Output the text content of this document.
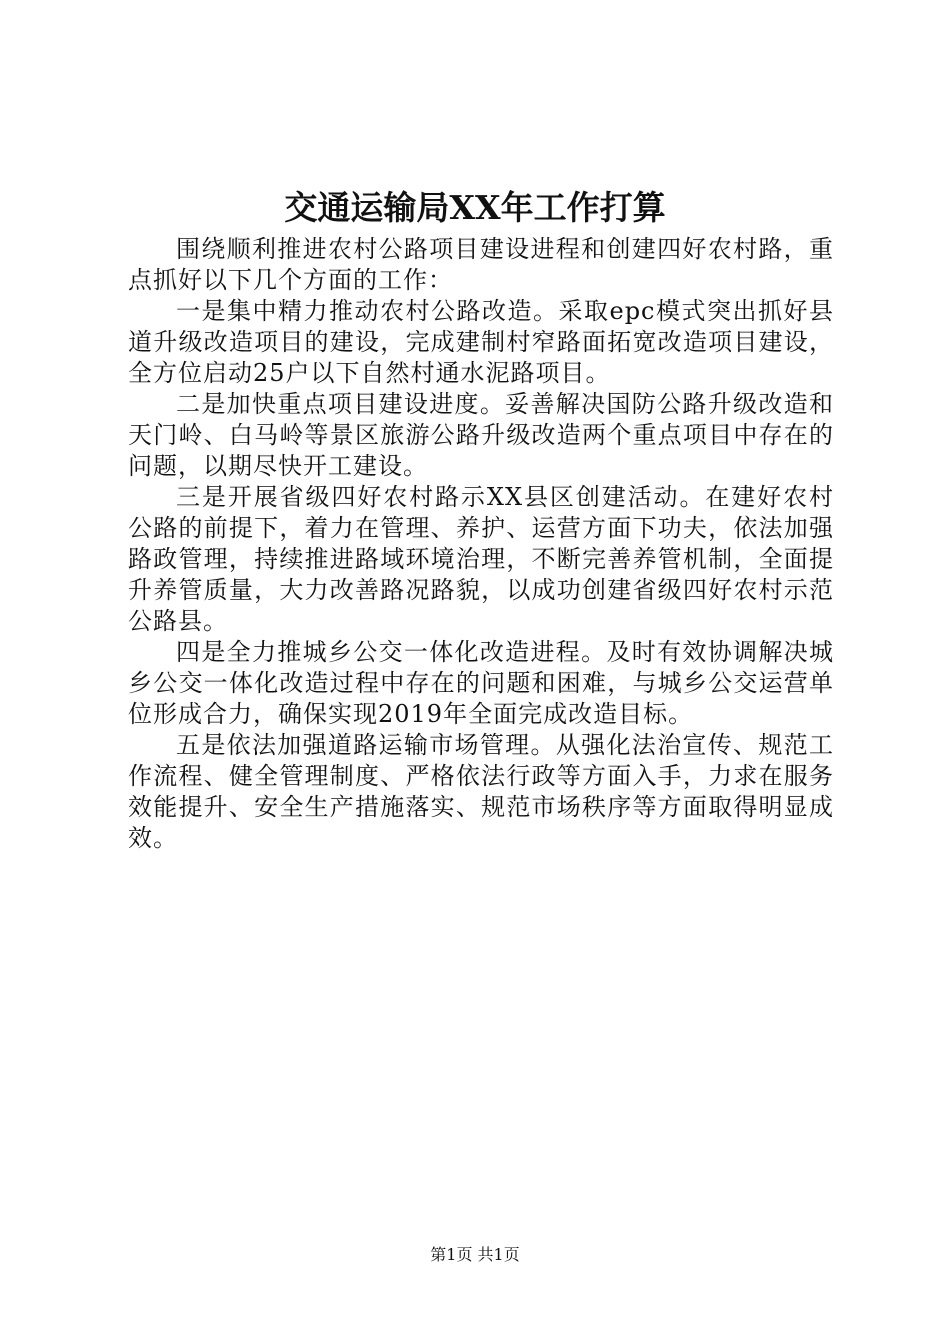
交通运输局XX年工作打算

围绕顺利推进农村公路项目建设进程和创建四好农村路，重点抓好以下几个方面的工作：

一是集中精力推动农村公路改造。采取epc模式突出抓好县道升级改造项目的建设，完成建制村窄路面拓宽改造项目建设，全方位启动25户以下自然村通水泥路项目。

二是加快重点项目建设进度。妥善解决国防公路升级改造和天门岭、白马岭等景区旅游公路升级改造两个重点项目中存在的问题，以期尽快开工建设。

三是开展省级四好农村路示XX县区创建活动。在建好农村公路的前提下，着力在管理、养护、运营方面下功夫，依法加强路政管理，持续推进路域环境治理，不断完善养管机制，全面提升养管质量，大力改善路况路貌，以成功创建省级四好农村示范公路县。

四是全力推城乡公交一体化改造进程。及时有效协调解决城乡公交一体化改造过程中存在的问题和困难，与城乡公交运营单位形成合力，确保实现2019年全面完成改造目标。

五是依法加强道路运输市场管理。从强化法治宣传、规范工作流程、健全管理制度、严格依法行政等方面入手，力求在服务效能提升、安全生产措施落实、规范市场秩序等方面取得明显成效。

第1页 共1页
